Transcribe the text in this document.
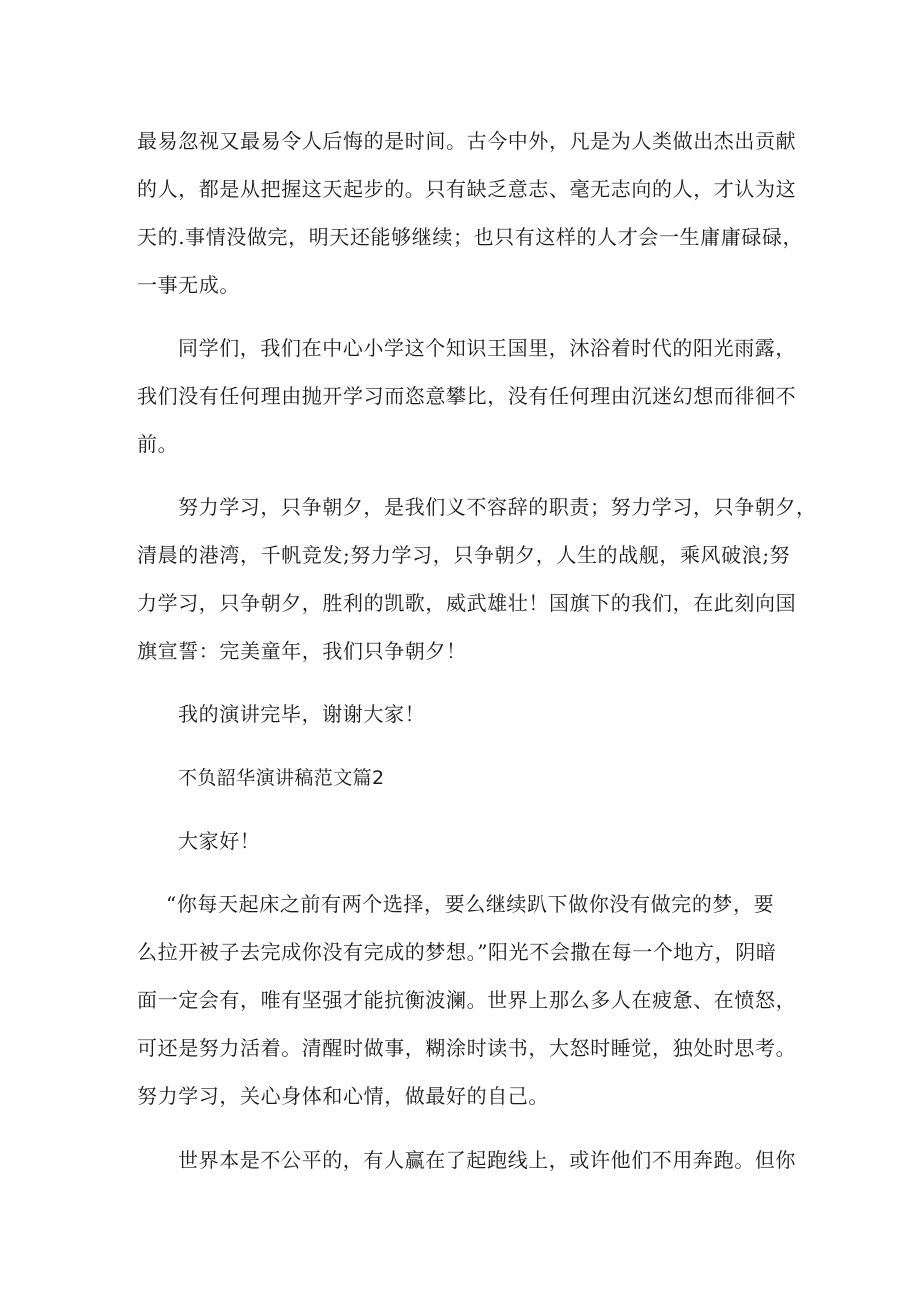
最易忽视又最易令人后悔的是时间。古今中外，凡是为人类做出杰出贡献

的人，都是从把握这天起步的。只有缺乏意志、毫无志向的人，才认为这

天的.事情没做完，明天还能够继续；也只有这样的人才会一生庸庸碌碌，

一事无成。

同学们，我们在中心小学这个知识王国里，沐浴着时代的阳光雨露，

我们没有任何理由抛开学习而恣意攀比，没有任何理由沉迷幻想而徘徊不

前。

努力学习，只争朝夕，是我们义不容辞的职责；努力学习，只争朝夕，

清晨的港湾，千帆竞发;努力学习，只争朝夕，人生的战舰，乘风破浪;努

力学习，只争朝夕，胜利的凯歌，威武雄壮！国旗下的我们，在此刻向国

旗宣誓：完美童年，我们只争朝夕！

我的演讲完毕，谢谢大家！

不负韶华演讲稿范文篇2

大家好！

“你每天起床之前有两个选择，要么继续趴下做你没有做完的梦，要

么拉开被子去完成你没有完成的梦想。”阳光不会撒在每一个地方，阴暗

面一定会有，唯有坚强才能抗衡波澜。世界上那么多人在疲惫、在愤怒，

可还是努力活着。清醒时做事，糊涂时读书，大怒时睡觉，独处时思考。

努力学习，关心身体和心情，做最好的自己。

世界本是不公平的，有人赢在了起跑线上，或许他们不用奔跑。但你
